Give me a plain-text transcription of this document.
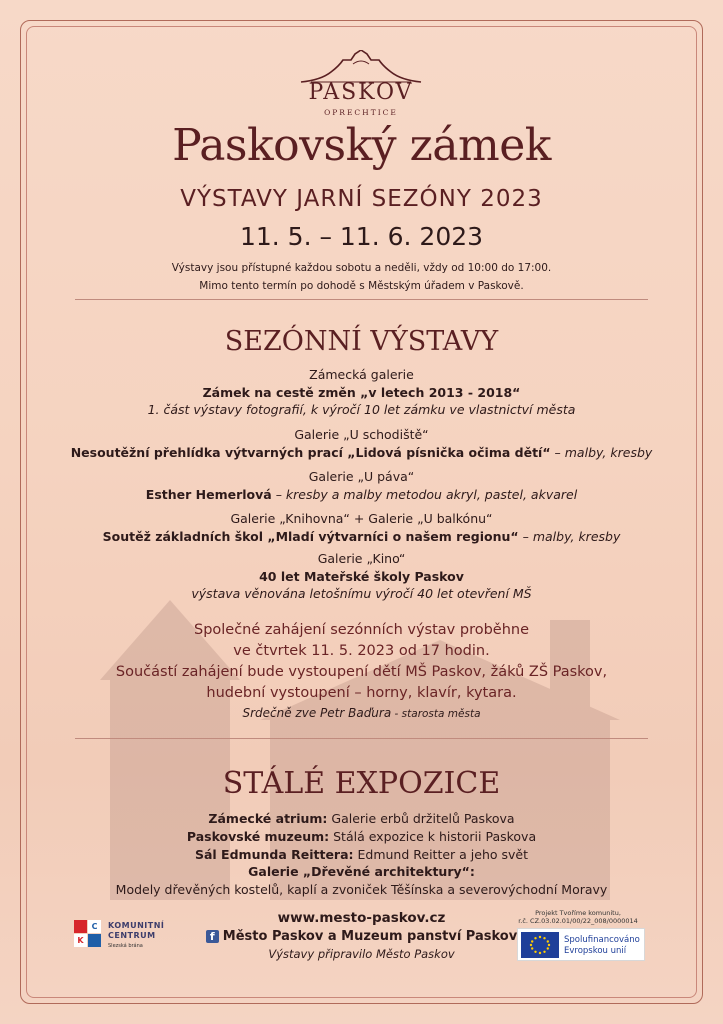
PASKOV
OPRECHTICE
Paskovský zámek
VÝSTAVY JARNÍ SEZÓNY 2023
11. 5. – 11. 6. 2023
Výstavy jsou přístupné každou sobotu a neděli, vždy od 10:00 do 17:00.
Mimo tento termín po dohodě s Městským úřadem v Paskově.
SEZÓNNÍ VÝSTAVY
Zámecká galerie
Zámek na cestě změn „v letech 2013 - 2018“
1. část výstavy fotografií, k výročí 10 let zámku ve vlastnictví města
Galerie „U schodiště“
Nesoutěžní přehlídka výtvarných prací „Lidová písnička očima dětí“ – malby, kresby
Galerie „U páva“
Esther Hemerlová – kresby a malby metodou akryl, pastel, akvarel
Galerie „Knihovna“ + Galerie „U balkónu“
Soutěž základních škol „Mladí výtvarníci o našem regionu“ – malby, kresby
Galerie „Kino“
40 let Mateřské školy Paskov
výstava věnována letošnímu výročí 40 let otevření MŠ
Společné zahájení sezónních výstav proběhne
ve čtvrtek 11. 5. 2023 od 17 hodin.
Součástí zahájení bude vystoupení dětí MŠ Paskov, žáků ZŠ Paskov,
hudební vystoupení – horny, klavír, kytara.
Srdečně zve Petr Baďura - starosta města
STÁLÉ EXPOZICE
Zámecké atrium: Galerie erbů držitelů Paskova
Paskovské muzeum: Stálá expozice k historii Paskova
Sál Edmunda Reittera: Edmund Reitter a jeho svět
Galerie „Dřevěné architektury“:
Modely dřevěných kostelů, kaplí a zvoniček Těšínska a severovýchodní Moravy
C
K
KOMUNITNÍ
CENTRUM
Slezská brána
www.mesto-paskov.cz
f Město Paskov a Muzeum panství Paskov
Výstavy připravilo Město Paskov
Projekt Tvoříme komunitu,
r.č. CZ.03.02.01/00/22_008/0000014
Spolufinancováno
Evropskou unií
